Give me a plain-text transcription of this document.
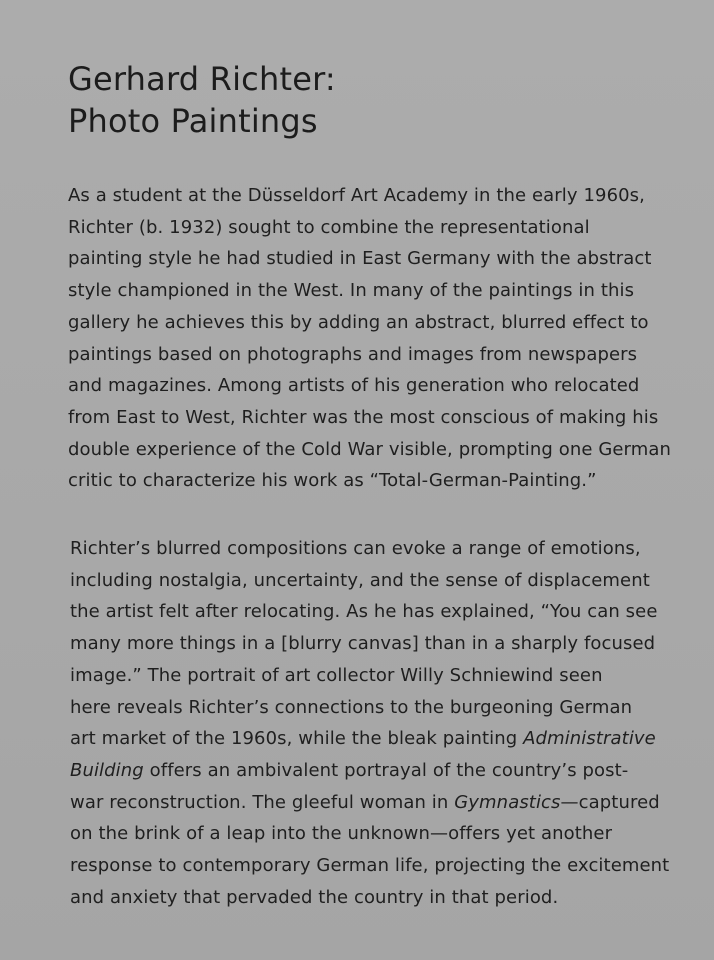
Gerhard Richter:
Photo Paintings

As a student at the Düsseldorf Art Academy in the early 1960s,
Richter (b. 1932) sought to combine the representational
painting style he had studied in East Germany with the abstract
style championed in the West. In many of the paintings in this
gallery he achieves this by adding an abstract, blurred effect to
paintings based on photographs and images from newspapers
and magazines. Among artists of his generation who relocated
from East to West, Richter was the most conscious of making his
double experience of the Cold War visible, prompting one German
critic to characterize his work as “Total-German-Painting.”

Richter’s blurred compositions can evoke a range of emotions,
including nostalgia, uncertainty, and the sense of displacement
the artist felt after relocating. As he has explained, “You can see
many more things in a [blurry canvas] than in a sharply focused
image.” The portrait of art collector Willy Schniewind seen
here reveals Richter’s connections to the burgeoning German
art market of the 1960s, while the bleak painting Administrative
Building offers an ambivalent portrayal of the country’s post-
war reconstruction. The gleeful woman in Gymnastics—captured
on the brink of a leap into the unknown—offers yet another
response to contemporary German life, projecting the excitement
and anxiety that pervaded the country in that period.
